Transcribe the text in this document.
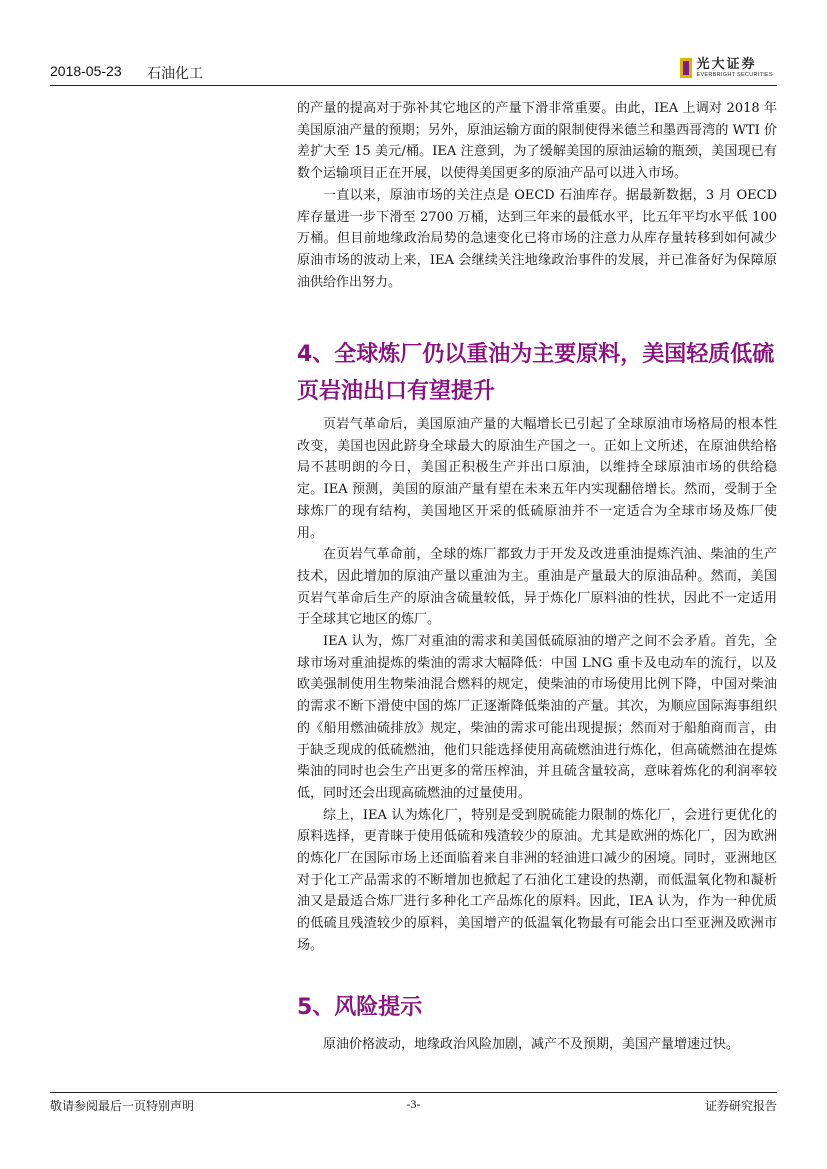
2018-05-23 石油化工
光大证券
EVERBRIGHT SECURITIES

的产量的提高对于弥补其它地区的产量下滑非常重要。由此，IEA 上调对 2018 年美国原油产量的预期；另外，原油运输方面的限制使得米德兰和墨西哥湾的 WTI 价差扩大至 15 美元/桶。IEA 注意到，为了缓解美国的原油运输的瓶颈，美国现已有数个运输项目正在开展，以使得美国更多的原油产品可以进入市场。

一直以来，原油市场的关注点是 OECD 石油库存。据最新数据，3 月 OECD 库存量进一步下滑至 2700 万桶，达到三年来的最低水平，比五年平均水平低 100 万桶。但目前地缘政治局势的急速变化已将市场的注意力从库存量转移到如何减少原油市场的波动上来，IEA 会继续关注地缘政治事件的发展，并已准备好为保障原油供给作出努力。

4、全球炼厂仍以重油为主要原料，美国轻质低硫页岩油出口有望提升

页岩气革命后，美国原油产量的大幅增长已引起了全球原油市场格局的根本性改变，美国也因此跻身全球最大的原油生产国之一。正如上文所述，在原油供给格局不甚明朗的今日，美国正积极生产并出口原油，以维持全球原油市场的供给稳定。IEA 预测，美国的原油产量有望在未来五年内实现翻倍增长。然而，受制于全球炼厂的现有结构，美国地区开采的低硫原油并不一定适合为全球市场及炼厂使用。

在页岩气革命前，全球的炼厂都致力于开发及改进重油提炼汽油、柴油的生产技术，因此增加的原油产量以重油为主。重油是产量最大的原油品种。然而，美国页岩气革命后生产的原油含硫量较低，异于炼化厂原料油的性状，因此不一定适用于全球其它地区的炼厂。

IEA 认为，炼厂对重油的需求和美国低硫原油的增产之间不会矛盾。首先，全球市场对重油提炼的柴油的需求大幅降低：中国 LNG 重卡及电动车的流行，以及欧美强制使用生物柴油混合燃料的规定，使柴油的市场使用比例下降，中国对柴油的需求不断下滑使中国的炼厂正逐渐降低柴油的产量。其次，为顺应国际海事组织的《船用燃油硫排放》规定，柴油的需求可能出现提振；然而对于船舶商而言，由于缺乏现成的低硫燃油，他们只能选择使用高硫燃油进行炼化，但高硫燃油在提炼柴油的同时也会生产出更多的常压榨油，并且硫含量较高，意味着炼化的利润率较低，同时还会出现高硫燃油的过量使用。

综上，IEA 认为炼化厂，特别是受到脱硫能力限制的炼化厂，会进行更优化的原料选择，更青睐于使用低硫和残渣较少的原油。尤其是欧洲的炼化厂，因为欧洲的炼化厂在国际市场上还面临着来自非洲的轻油进口减少的困境。同时，亚洲地区对于化工产品需求的不断增加也掀起了石油化工建设的热潮，而低温氧化物和凝析油又是最适合炼厂进行多种化工产品炼化的原料。因此，IEA 认为，作为一种优质的低硫且残渣较少的原料，美国增产的低温氧化物最有可能会出口至亚洲及欧洲市场。

5、风险提示

原油价格波动，地缘政治风险加剧，减产不及预期，美国产量增速过快。

敬请参阅最后一页特别声明	-3-	证券研究报告
